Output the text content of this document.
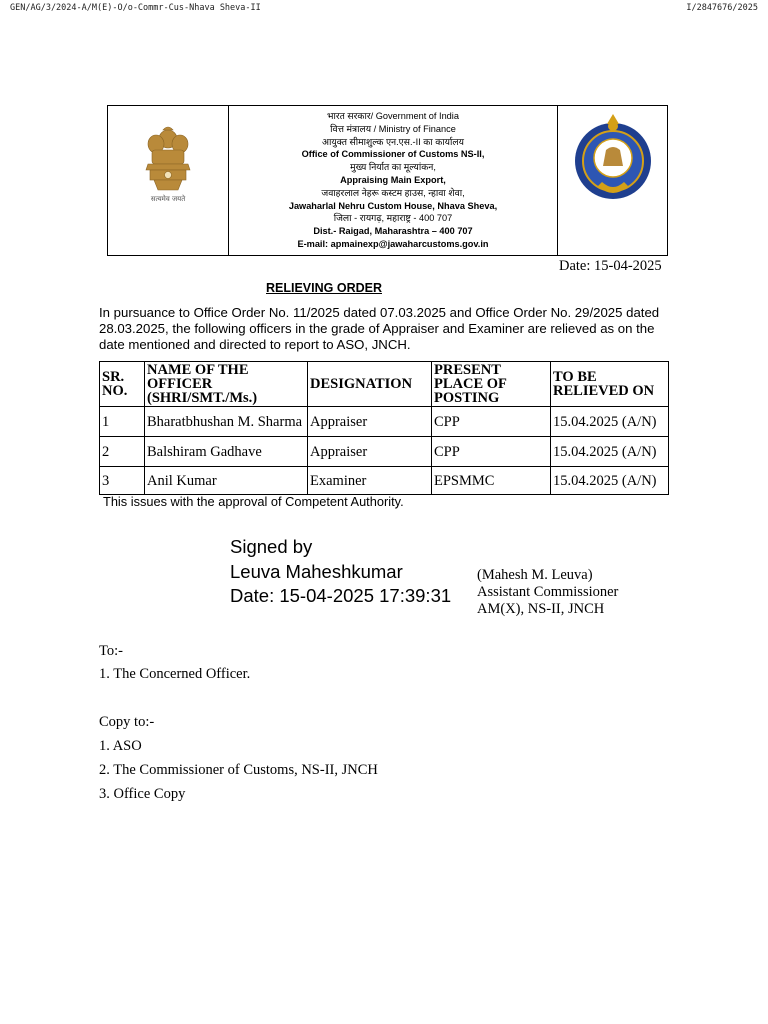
GEN/AG/3/2024-A/M(E)-O/o-Commr-Cus-Nhava Sheva-II	I/2847676/2025
सत्यमेव जयते
भारत सरकार/ Government of India
वित्त मंत्रालय / Ministry of Finance
आयुक्त सीमाशुल्क एन.एस.-II का कार्यालय
Office of Commissioner of Customs NS-II,
मुख्य निर्यात का मूल्यांकन,
Appraising Main Export,
जवाहरलाल नेहरू कस्टम हाउस, न्हावा शेवा,
Jawaharlal Nehru Custom House, Nhava Sheva,
जिला - रायगढ़, महाराष्ट्र - 400 707
Dist.- Raigad, Maharashtra – 400 707
E-mail: apmainexp@jawaharcustoms.gov.in
Date: 15-04-2025
RELIEVING ORDER
In pursuance to Office Order No. 11/2025 dated 07.03.2025 and Office Order No. 29/2025 dated 28.03.2025, the following officers in the grade of Appraiser and Examiner are relieved as on the date mentioned and directed to report to ASO, JNCH.
SR. NO.	NAME OF THE OFFICER (SHRI/SMT./Ms.)	DESIGNATION	PRESENT PLACE OF POSTING	TO BE RELIEVED ON
1	Bharatbhushan M. Sharma	Appraiser	CPP	15.04.2025 (A/N)
2	Balshiram Gadhave	Appraiser	CPP	15.04.2025 (A/N)
3	Anil Kumar	Examiner	EPSMMC	15.04.2025 (A/N)
This issues with the approval of Competent Authority.
Signed by
Leuva Maheshkumar
Date: 15-04-2025 17:39:31
(Mahesh M. Leuva)
Assistant Commissioner
AM(X), NS-II, JNCH
To:-
1. The Concerned Officer.
Copy to:-
1. ASO
2. The Commissioner of Customs, NS-II, JNCH
3. Office Copy
